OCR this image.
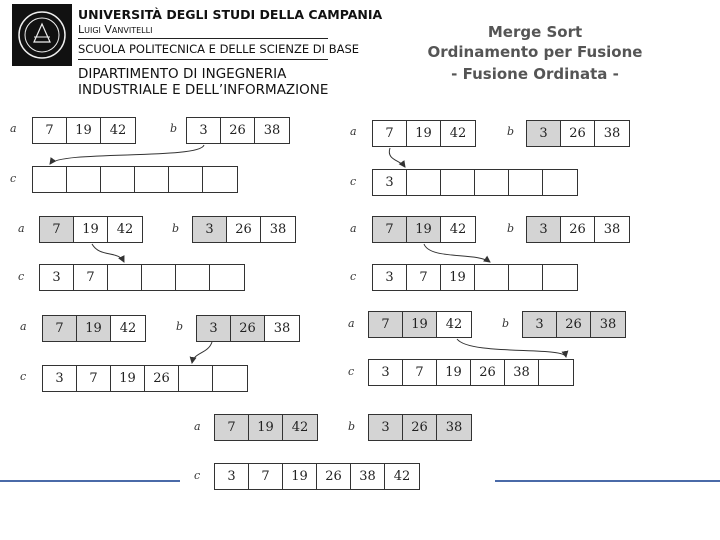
UNIVERSITÀ DEGLI STUDI DELLA CAMPANIA
Luigi Vanvitelli
SCUOLA POLITECNICA E DELLE SCIENZE DI BASE
DIPARTIMENTO DI INGEGNERIA
INDUSTRIALE E DELL’INFORMAZIONE
Merge Sort
Ordinamento per Fusione
- Fusione Ordinata -
a	7	19	42	b	3	26	38
c
a	7	19	42	b	3	26	38
c	3
a	7	19	42	b	3	26	38
c	3	7
a	7	19	42	b	3	26	38
c	3	7	19
a	7	19	42	b	3	26	38
c	3	7	19	26
a	7	19	42	b	3	26	38
c	3	7	19	26	38
a	7	19	42	b	3	26	38
c	3	7	19	26	38	42
